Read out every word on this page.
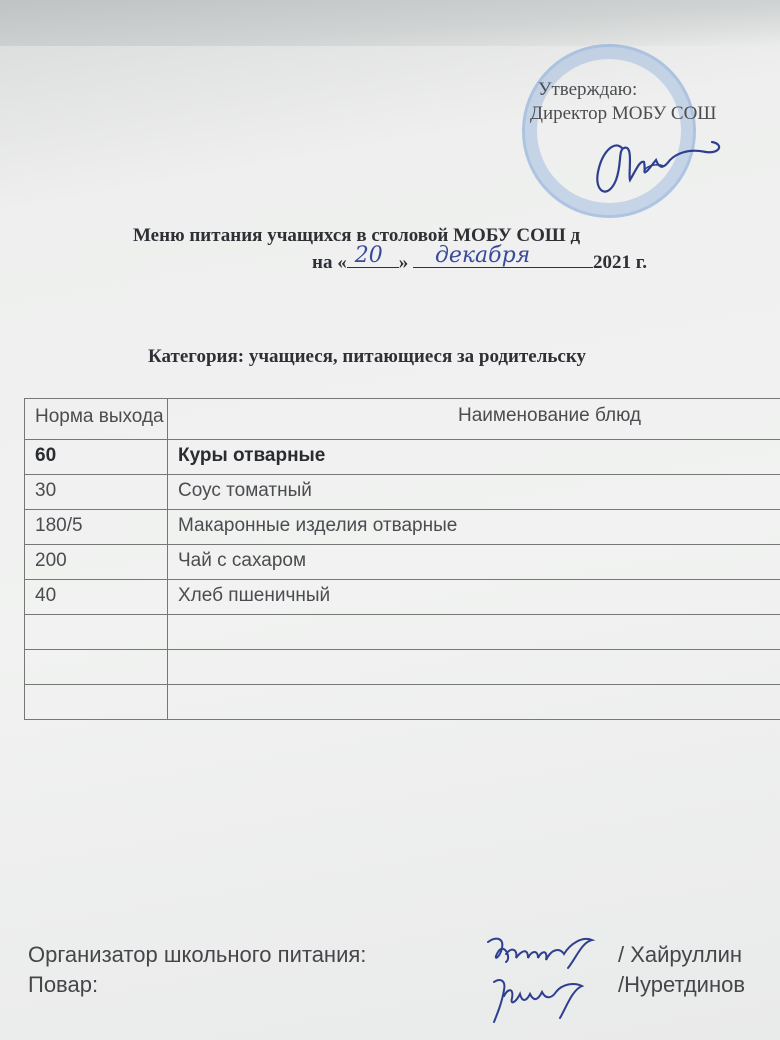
Утверждаю:
Директор МОБУ СОШ
Меню питания учащихся в столовой МОБУ СОШ д
на « 20 » декабря	2021 г.
Категория: учащиеся, питающиеся за родительску
Норма выхода	Наименование блюд
60	Куры отварные
30	Соус томатный
180/5	Макаронные изделия отварные
200	Чай с сахаром
40	Хлеб пшеничный

Организатор школьного питания:	/ Хайруллин
Повар:	/Нуретдинов
